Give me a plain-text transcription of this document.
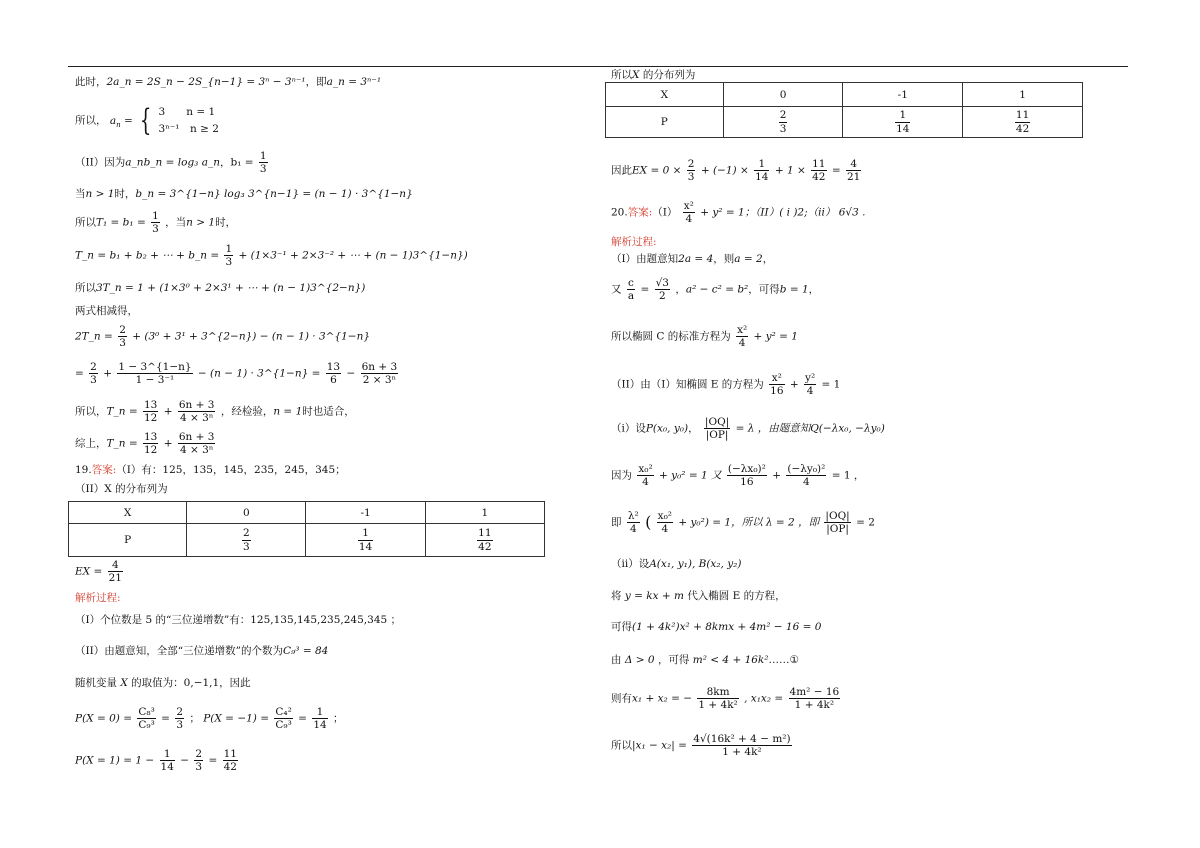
此时，2a_n = 2S_n − 2S_{n−1} = 3ⁿ − 3ⁿ⁻¹，即a_n = 3ⁿ⁻¹
所以， $a_n$ = { 3　　n = 1
3ⁿ⁻¹　n ≥ 2
（II）因为a_nb_n = log₃ a_n，$b_1 = \frac{1}{3}$
当n > 1时，b_n = 3^{1−n} log₃ 3^{n−1} = (n − 1) · 3^{1−n}
所以$T_1 = b_1 = \frac{1}{3}$ ，当n > 1时，
T_n = b₁ + b₂ + ⋯ + b_n = $\frac{1}{3} + (1\times 3^{-1} + 2\times 3^{-2}$ + ⋯ + (n − 1)3^{1−n})
所以3T_n = 1 + (1×3⁰ + 2×3¹ + ⋯ + (n − 1)3^{2−n})
两式相减得，
2T_n = $\frac{2}{3} + (3^0 + 3^1$ + 3^{2−n}) − (n − 1) · 3^{1−n}
= $\frac{2}{3} + \frac{1 - 3\^{}\{1-n\}}{\text{1 − 3⁻¹}} - (n - 1)$ · 3^{1−n} = $\frac{13}{6} - \frac{6n + 3}{\text{2 × 3ⁿ}}$
所以，T_n = $\frac{13}{12} + \frac{6n + 3}{\text{4 × 3ⁿ}}$ ，经检验，n = 1时也适合，
综上，T_n = $\frac{13}{12} + \frac{6n + 3}{\text{4 × 3ⁿ}}$
19.答案:（I）有：125，135，145，235，245，345；
（II）X 的分布列为
X	0	-1	1
P	$\frac{2}{3}$	$\frac{1}{14}$	$\frac{11}{42}$
EX = $\frac{4}{21}$
解析过程:
（I）个位数是 5 的“三位递增数”有：125,135,145,235,245,345 ；
（II）由题意知，全部“三位递增数”的个数为C₉³ = 84
随机变量 X 的取值为：0,−1,1，因此
$P(X = 0) = \frac{\text{C₈³}}{\text{C₉³}} = \frac{2}{3}$ ； $P(X = -1) = \frac{\text{C₄²}}{\text{C₉³}} = \frac{1}{14}$ ；
$P(X = 1) = 1 - \frac{1}{14} - \frac{2}{3} = \frac{11}{42}$
所以X 的分布列为
X	0	-1	1
P	$\frac{2}{3}$	$\frac{1}{14}$	$\frac{11}{42}$
因此EX = $0 \times \frac{2}{3} + (-1) \times \frac{1}{14} + 1 \times \frac{11}{42} = \frac{4}{21}$
20.答案:（I） $\frac{\text{x²}}{4} + y^2 = 1$；（II）( i )2;（ii） 6√3 .
解析过程:
（I）由题意知2a = 4，则a = 2，
又 $\frac{c}{a} = \frac{√3}{2}$ ，a² − c² = b²，可得b = 1，
所以椭圆 C 的标准方程为 $\frac{\text{x²}}{4} + y^2 = 1$
（II）由（I）知椭圆 E 的方程为 $\frac{\text{x²}}{16} + \frac{\text{y²}}{4} = 1$
（i）设P(x₀, y₀)， $\frac{|OQ|}{|OP|} = \lambda$ ，由题意知Q(−λx₀, −λy₀)
因为 $\frac{\text{x₀²}}{4} + y_0^2 = 1$ 又 $\frac{\text{(−λx₀)²}}{16} + \frac{\text{(−λy₀)²}}{4} = 1$ ，
即 $\frac{\text{λ²}}{4}$ ( $\frac{\text{x₀²}}{4} + y_0^2) = 1$，所以 λ = 2 ，即 $\frac{|OQ|}{|OP|} = 2$
（ii）设A(x₁, y₁), B(x₂, y₂)
将 y = kx + m 代入椭圆 E 的方程，
可得(1 + 4k²)x² + 8kmx + 4m² − 16 = 0
由 Δ > 0 ，可得 m² < 4 + 16k²……①
则有x₁ + x₂ = − $\frac{8km}{\text{1 + 4k²}}$ , $x_1x_2 = \frac{\text{4m² − 16}}{\text{1 + 4k²}}$
所以$|x_1 - x_2| = \frac{\text{4√(16k² + 4 − m²)}}{\text{1 + 4k²}}$
